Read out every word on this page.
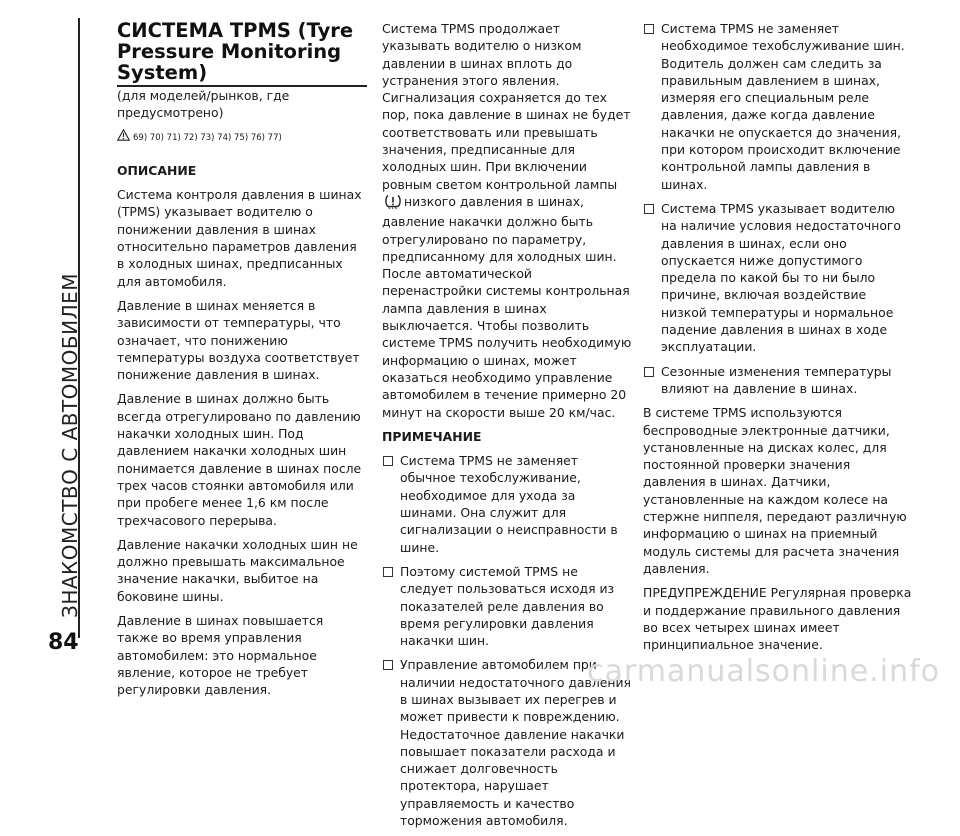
ЗНАКОМСТВО С АВТОМОБИЛЕМ
СИСТЕМА TPMS (Tyre Pressure Monitoring System)

(для моделей/рынков, где предусмотрено)

69) 70) 71) 72) 73) 74) 75) 76) 77)

ОПИСАНИЕ

Система контроля давления в шинах (TPMS) указывает водителю о понижении давления в шинах относительно параметров давления в холодных шинах, предписанных для автомобиля.

Давление в шинах меняется в зависимости от температуры, что означает, что понижению температуры воздуха соответствует понижение давления в шинах.

Давление в шинах должно быть всегда отрегулировано по давлению накачки холодных шин. Под давлением накачки холодных шин понимается давление в шинах после трех часов стоянки автомобиля или при пробеге менее 1,6 км после трехчасового перерыва.

Давление накачки холодных шин не должно превышать максимальное значение накачки, выбитое на боковине шины.

Давление в шинах повышается также во время управления автомобилем: это нормальное явление, которое не требует регулировки давления.

Система TPMS продолжает указывать водителю о низком давлении в шинах вплоть до устранения этого явления. Сигнализация сохраняется до тех пор, пока давление в шинах не будет соответствовать или превышать значения, предписанные для холодных шин. При включении ровным светом контрольной лампынизкого давления в шинах, давление накачки должно быть отрегулировано по параметру, предписанному для холодных шин. После автоматической перенастройки системы контрольная лампа давления в шинах выключается. Чтобы позволить системе TPMS получить необходимую информацию о шинах, может оказаться необходимо управление автомобилем в течение примерно 20 минут на скорости выше 20 км/час.

ПРИМЕЧАНИЕ

Система TPMS не заменяет обычное техобслуживание, необходимое для ухода за шинами. Она служит для сигнализации о неисправности в шине.
Поэтому системой TPMS не следует пользоваться исходя из показателей реле давления во время регулировки давления накачки шин.
Управление автомобилем при наличии недостаточного давления в шинах вызывает их перегрев и может привести к повреждению. Недостаточное давление накачки повышает показатели расхода и снижает долговечность протектора, нарушает управляемость и качество торможения автомобиля.
Система TPMS не заменяет необходимое техобслуживание шин. Водитель должен сам следить за правильным давлением в шинах, измеряя его специальным реле давления, даже когда давление накачки не опускается до значения, при котором происходит включение контрольной лампы давления в шинах.
Система TPMS указывает водителю на наличие условия недостаточного давления в шинах, если оно опускается ниже допустимого предела по какой бы то ни было причине, включая воздействие низкой температуры и нормальное падение давления в шинах в ходе эксплуатации.
Сезонные изменения температуры влияют на давление в шинах.

В системе TPMS используются беспроводные электронные датчики, установленные на дисках колес, для постоянной проверки значения давления в шинах. Датчики, установленные на каждом колесе на стержне ниппеля, передают различную информацию о шинах на приемный модуль системы для расчета значения давления.

ПРЕДУПРЕЖДЕНИЕ Регулярная проверка и поддержание правильного давления во всех четырех шинах имеет принципиальное значение.

84
carmanualsonline.info
